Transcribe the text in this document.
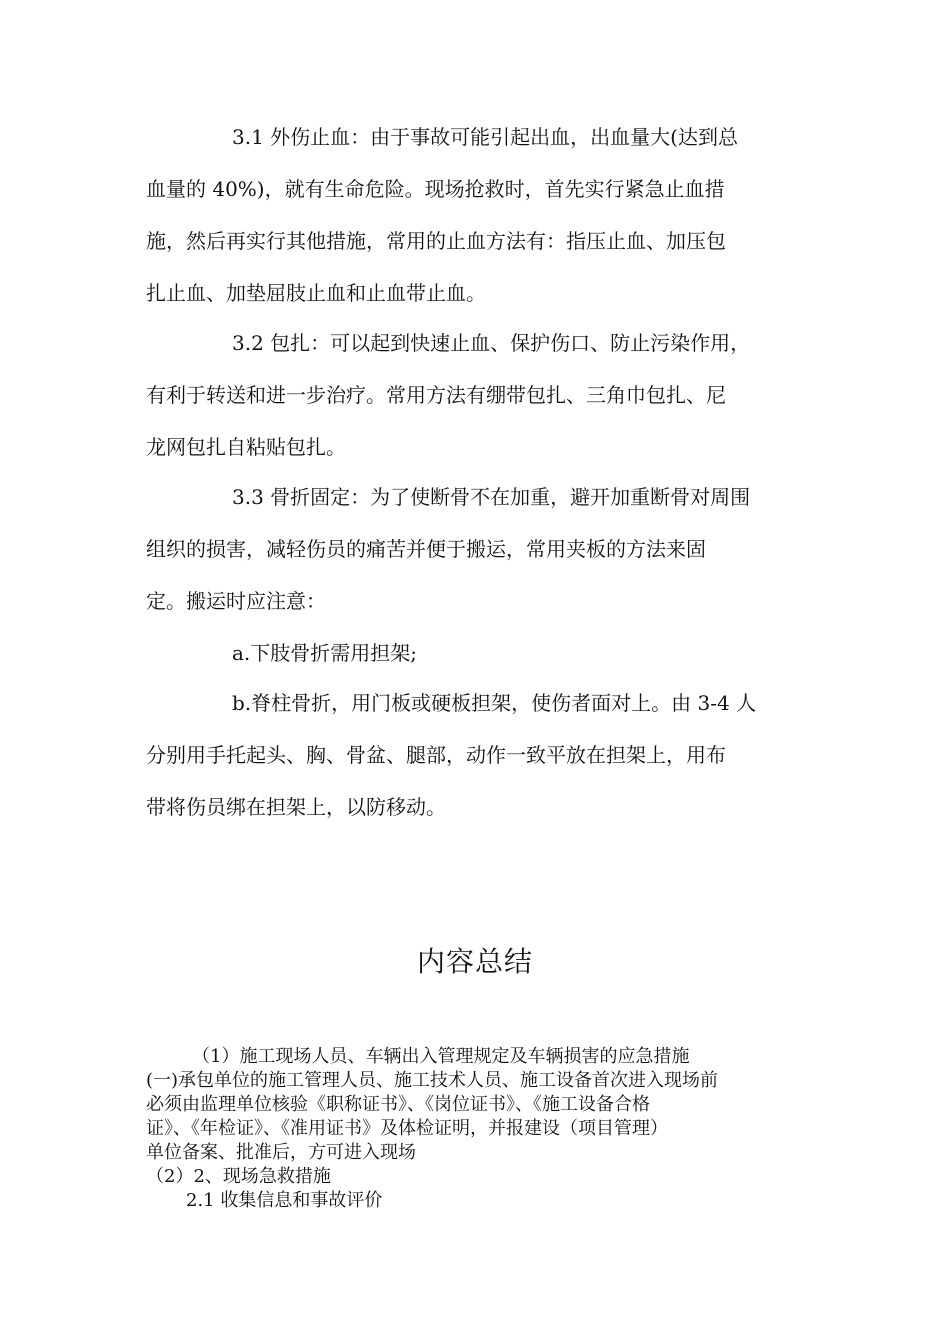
3.1 外伤止血：由于事故可能引起出血，出血量大(达到总
血量的 40%)，就有生命危险。现场抢救时，首先实行紧急止血措
施，然后再实行其他措施，常用的止血方法有：指压止血、加压包
扎止血、加垫屈肢止血和止血带止血。
3.2 包扎：可以起到快速止血、保护伤口、防止污染作用，
有利于转送和进一步治疗。常用方法有绷带包扎、三角巾包扎、尼
龙网包扎自粘贴包扎。
3.3 骨折固定：为了使断骨不在加重，避开加重断骨对周围
组织的损害，减轻伤员的痛苦并便于搬运，常用夹板的方法来固
定。搬运时应注意：
a.下肢骨折需用担架;
b.脊柱骨折，用门板或硬板担架，使伤者面对上。由 3-4 人
分别用手托起头、胸、骨盆、腿部，动作一致平放在担架上，用布
带将伤员绑在担架上，以防移动。
内容总结
（1）施工现场人员、车辆出入管理规定及车辆损害的应急措施
(一)承包单位的施工管理人员、施工技术人员、施工设备首次进入现场前
必须由监理单位核验《职称证书》、《岗位证书》、《施工设备合格
证》、《年检证》、《准用证书》及体检证明，并报建设（项目管理）
单位备案、批准后，方可进入现场
（2）2、现场急救措施
2.1 收集信息和事故评价
